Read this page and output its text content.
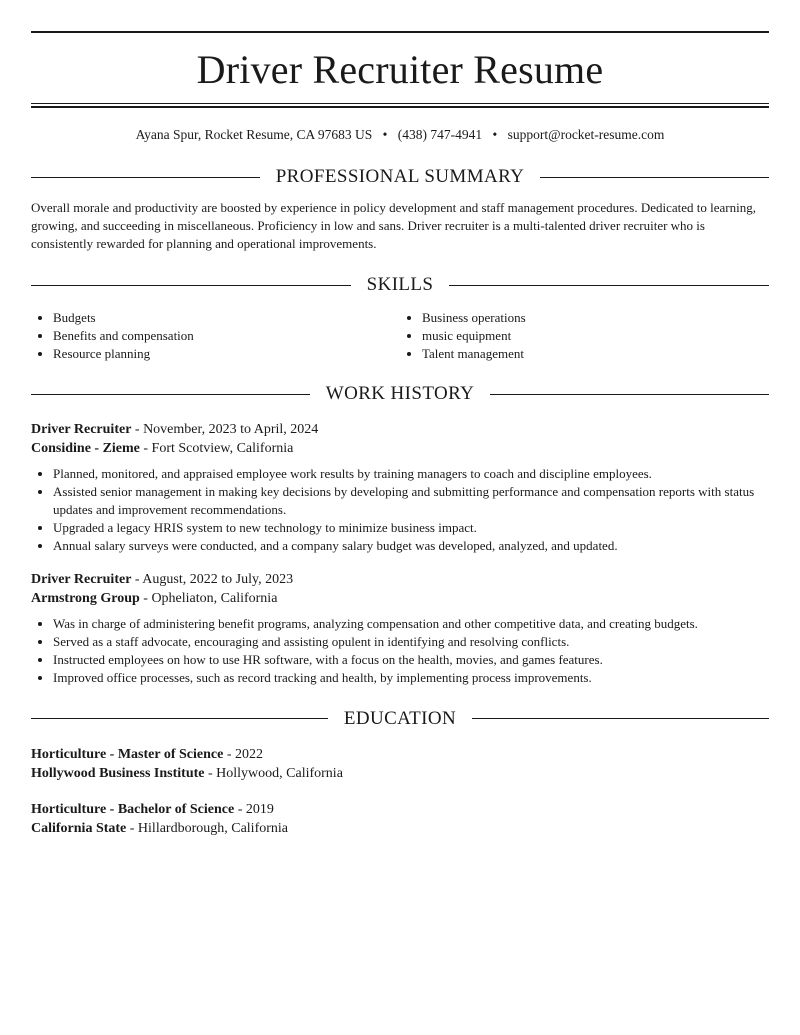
Driver Recruiter Resume
Ayana Spur, Rocket Resume, CA 97683 US • (438) 747-4941 • support@rocket-resume.com
PROFESSIONAL SUMMARY

Overall morale and productivity are boosted by experience in policy development and staff management procedures. Dedicated to learning, growing, and succeeding in miscellaneous. Proficiency in low and sans. Driver recruiter is a multi-talented driver recruiter who is consistently rewarded for planning and operational improvements.

SKILLS
• Budgets
• Benefits and compensation
• Resource planning
• Business operations
• music equipment
• Talent management
WORK HISTORY
Driver Recruiter - November, 2023 to April, 2024
Considine - Zieme - Fort Scotview, California
• Planned, monitored, and appraised employee work results by training managers to coach and discipline employees.
• Assisted senior management in making key decisions by developing and submitting performance and compensation reports with status updates and improvement recommendations.
• Upgraded a legacy HRIS system to new technology to minimize business impact.
• Annual salary surveys were conducted, and a company salary budget was developed, analyzed, and updated.
Driver Recruiter - August, 2022 to July, 2023
Armstrong Group - Opheliaton, California
• Was in charge of administering benefit programs, analyzing compensation and other competitive data, and creating budgets.
• Served as a staff advocate, encouraging and assisting opulent in identifying and resolving conflicts.
• Instructed employees on how to use HR software, with a focus on the health, movies, and games features.
• Improved office processes, such as record tracking and health, by implementing process improvements.
EDUCATION
Horticulture - Master of Science - 2022
Hollywood Business Institute - Hollywood, California
Horticulture - Bachelor of Science - 2019
California State - Hillardborough, California
